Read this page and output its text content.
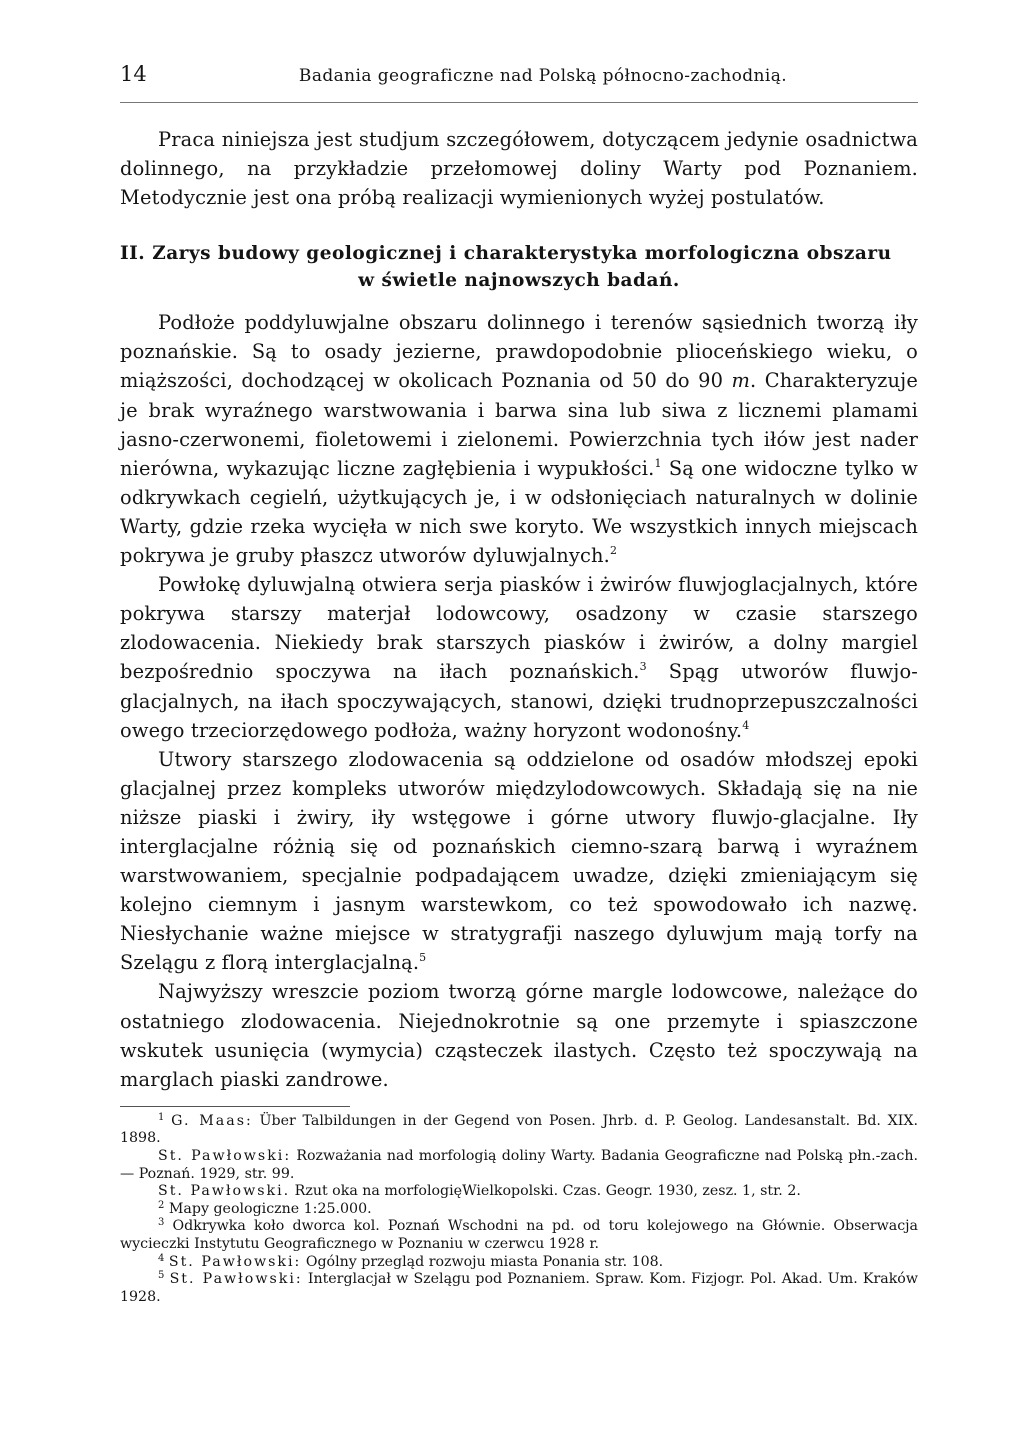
14	Badania geograficzne nad Polską północno-zachodnią.

Praca niniejsza jest studjum szczegółowem, dotyczącem jedynie osadnictwa dolinnego, na przykładzie przełomowej doliny Warty pod Poznaniem. Metodycznie jest ona próbą realizacji wymienionych wyżej postulatów.

II. Zarys budowy geologicznej i charakterystyka morfologiczna obszaru
w świetle najnowszych badań.

Podłoże poddyluwjalne obszaru dolinnego i terenów sąsiednich tworzą iły poznańskie. Są to osady jezierne, prawdopodobnie plioceńskiego wieku, o miąższości, dochodzącej w okolicach Poznania od 50 do 90 m. Charakteryzuje je brak wyraźnego warstwowania i barwa sina lub siwa z licznemi plamami jasno-czerwonemi, fioletowemi i zielonemi. Powierzchnia tych iłów jest nader nierówna, wykazując liczne zagłębienia i wypukłości.$^1$ Są one widoczne tylko w odkrywkach cegielń, użytkujących je, i w odsłonięciach naturalnych w dolinie Warty, gdzie rzeka wycięła w nich swe koryto. We wszystkich innych miejscach pokrywa je gruby płaszcz utworów dyluwjalnych.$^2$

Powłokę dyluwjalną otwiera serja piasków i żwirów fluwjoglacjalnych, które pokrywa starszy materjał lodowcowy, osadzony w czasie starszego zlodowacenia. Niekiedy brak starszych piasków i żwirów, a dolny margiel bezpośrednio spoczywa na iłach poznańskich.$^3$ Spąg utworów fluwjo-glacjalnych, na iłach spoczywających, stanowi, dzięki trudnoprzepuszczalności owego trzeciorzędowego podłoża, ważny horyzont wodonośny.$^4$

Utwory starszego zlodowacenia są oddzielone od osadów młodszej epoki glacjalnej przez kompleks utworów międzylodowcowych. Składają się na nie niższe piaski i żwiry, iły wstęgowe i górne utwory fluwjo-glacjalne. Iły interglacjalne różnią się od poznańskich ciemno-szarą barwą i wyraźnem warstwowaniem, specjalnie podpadającem uwadze, dzięki zmieniającym się kolejno ciemnym i jasnym warstewkom, co też spowodowało ich nazwę. Niesłychanie ważne miejsce w stratygrafji naszego dyluwjum mają torfy na Szelągu z florą interglacjalną.$^5$

Najwyższy wreszcie poziom tworzą górne margle lodowcowe, należące do ostatniego zlodowacenia. Niejednokrotnie są one przemyte i spiaszczone wskutek usunięcia (wymycia) cząsteczek ilastych. Często też spoczywają na marglach piaski zandrowe.

$^1$ G. Maas: Über Talbildungen in der Gegend von Posen. Jhrb. d. P. Geolog. Landesanstalt. Bd. XIX. 1898.

St. Pawłowski: Rozważania nad morfologią doliny Warty. Badania Geograficzne nad Polską płn.-zach. — Poznań. 1929, str. 99.

St. Pawłowski. Rzut oka na morfologięWielkopolski. Czas. Geogr. 1930, zesz. 1, str. 2.

$^2$ Mapy geologiczne 1:25.000.

$^3$ Odkrywka koło dworca kol. Poznań Wschodni na pd. od toru kolejowego na Głównie. Obserwacja wycieczki Instytutu Geograficznego w Poznaniu w czerwcu 1928 r.

$^4$ St. Pawłowski: Ogólny przegląd rozwoju miasta Ponania str. 108.

$^5$ St. Pawłowski: Interglacjał w Szelągu pod Poznaniem. Spraw. Kom. Fizjogr. Pol. Akad. Um. Kraków 1928.
